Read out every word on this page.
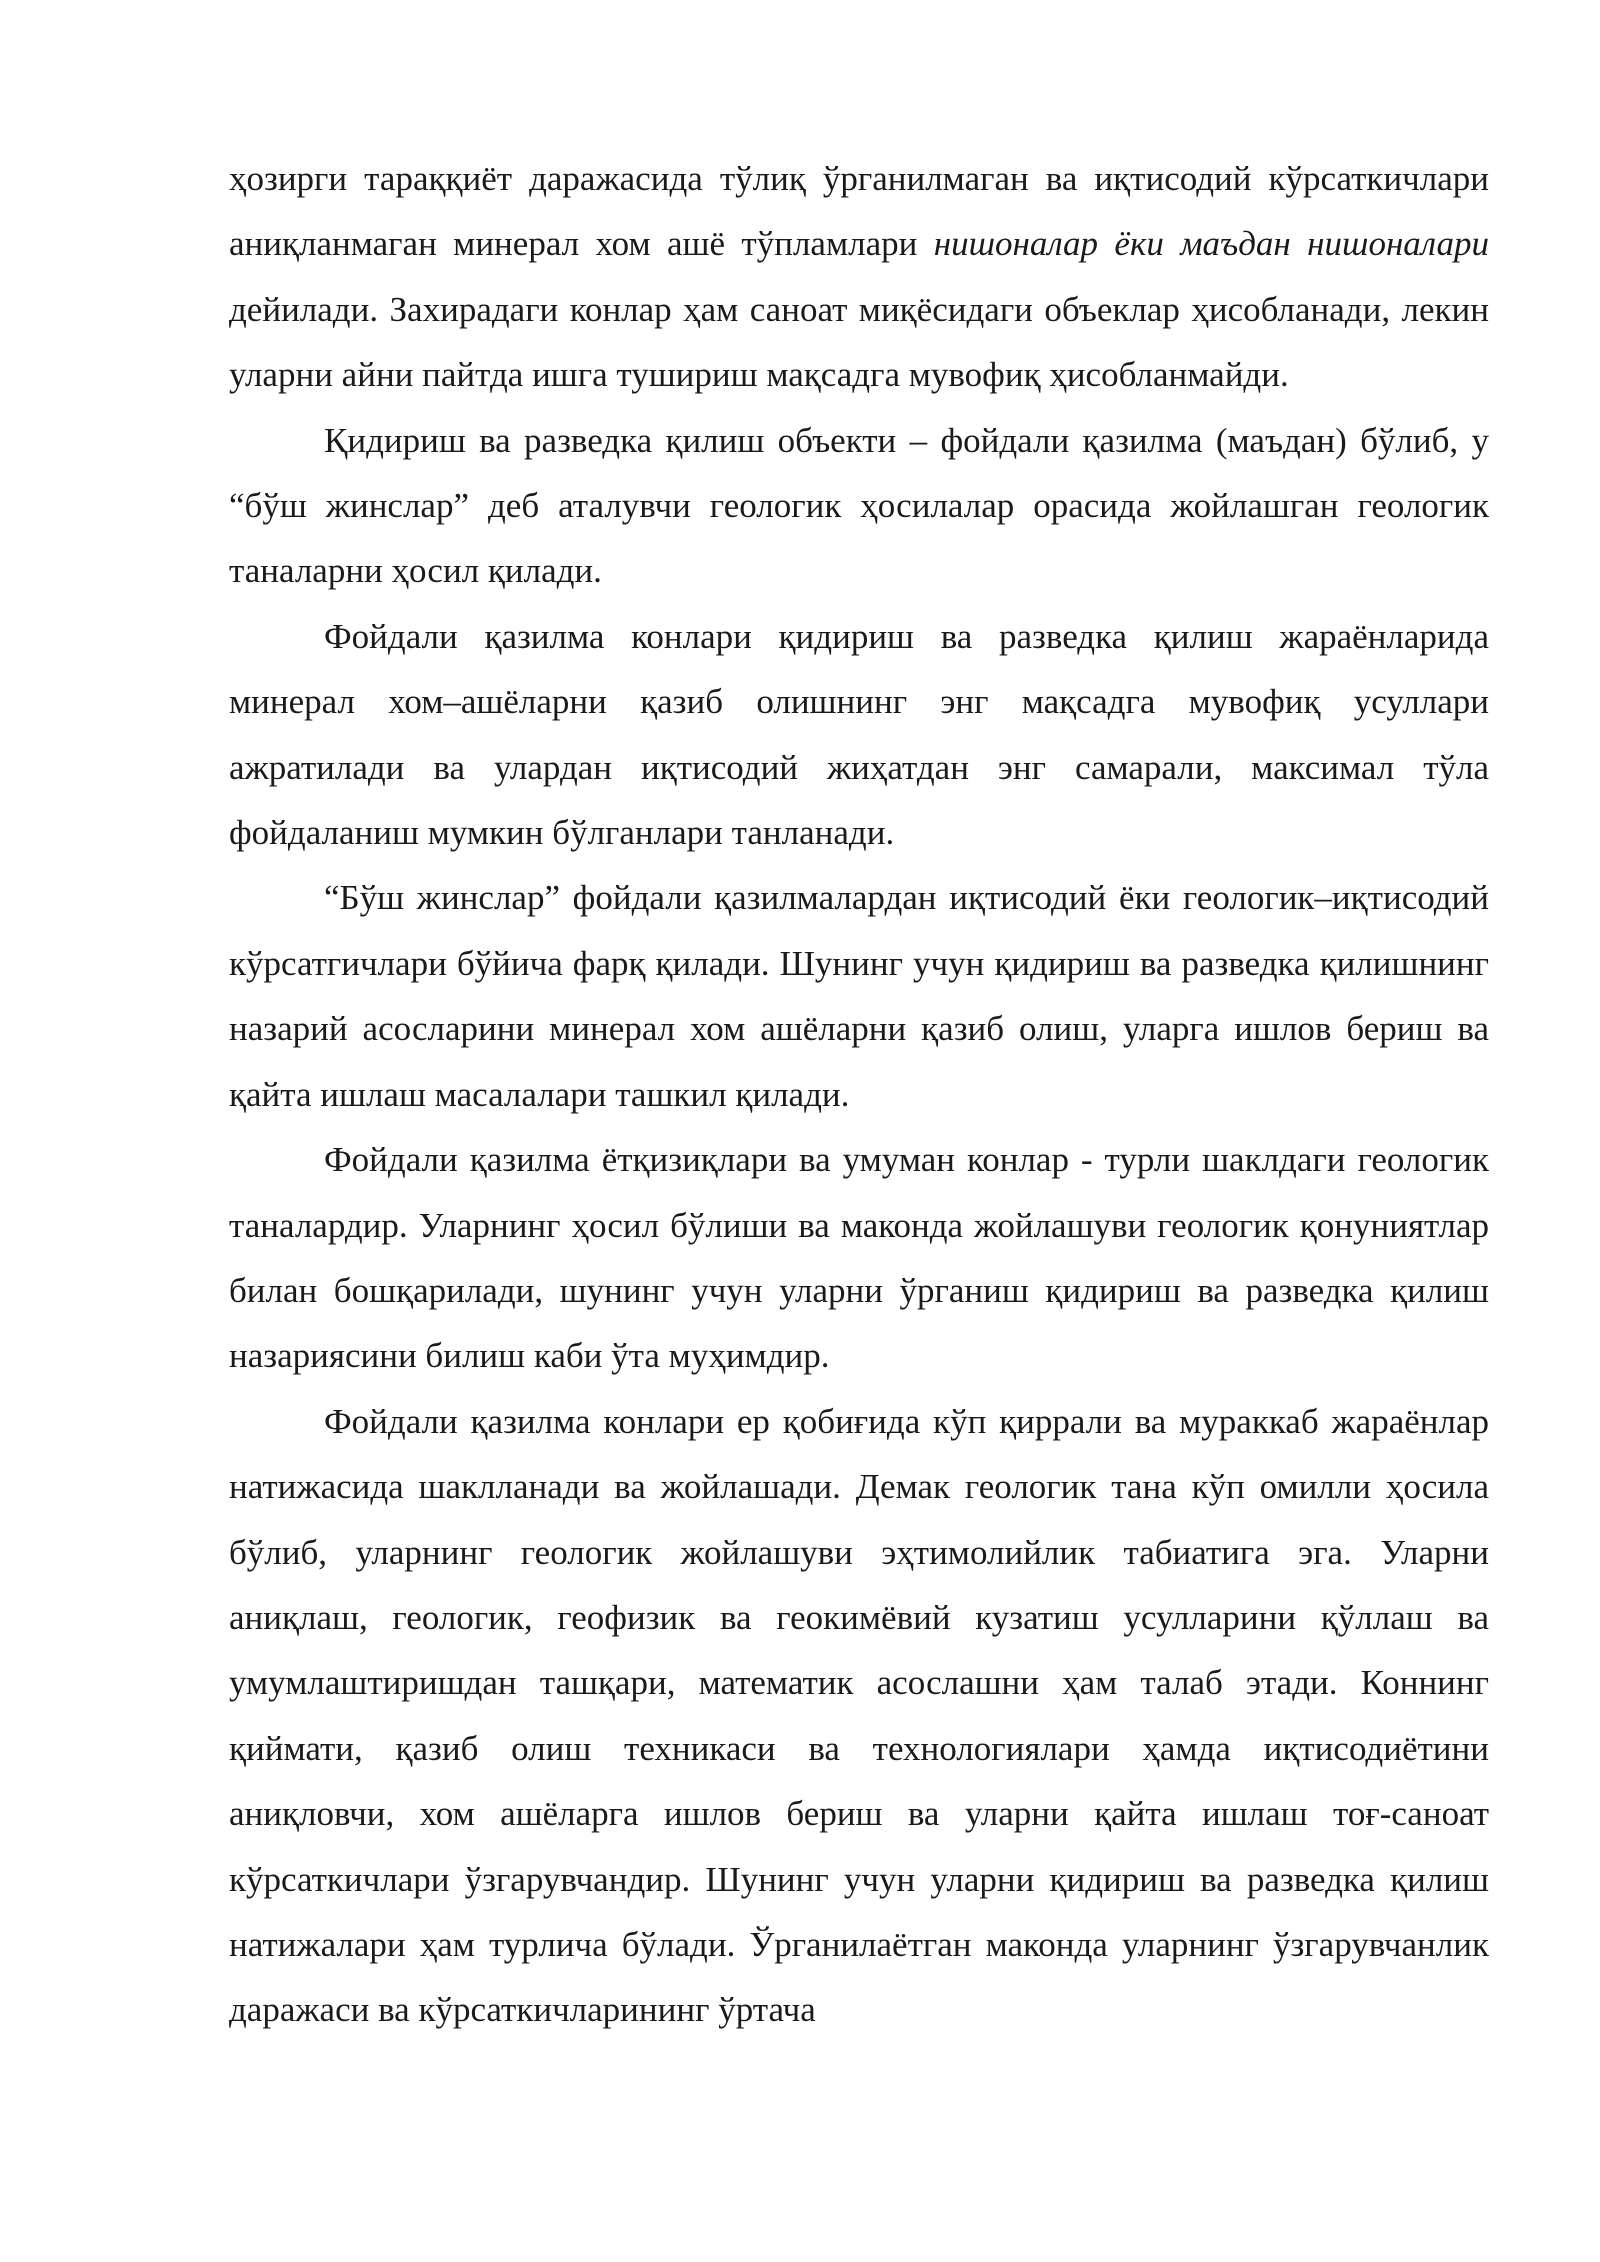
ҳозирги тараққиёт даражасида тўлиқ ўрганилмаган ва иқтисодий кўрсаткичлари аниқланмаган минерал хом ашё тўпламлари нишоналар ёки маъдан нишоналари дейилади. Захирадаги конлар ҳам саноат миқёсидаги объеклар ҳисобланади, лекин уларни айни пайтда ишга тушириш мақсадга мувофиқ ҳисобланмайди.

Қидириш ва разведка қилиш объекти – фойдали қазилма (маъдан) бўлиб, у “бўш жинслар” деб аталувчи геологик ҳосилалар орасида жойлашган геологик таналарни ҳосил қилади.

Фойдали қазилма конлари қидириш ва разведка қилиш жараёнларида минерал хом–ашёларни қазиб олишнинг энг мақсадга мувофиқ усуллари ажратилади ва улардан иқтисодий жиҳатдан энг самарали, максимал тўла фойдаланиш мумкин бўлганлари танланади.

“Бўш жинслар” фойдали қазилмалардан иқтисодий ёки геологик–иқтисодий кўрсатгичлари бўйича фарқ қилади. Шунинг учун қидириш ва разведка қилишнинг назарий асосларини минерал хом ашёларни қазиб олиш, уларга ишлов бериш ва қайта ишлаш масалалари ташкил қилади.

Фойдали қазилма ётқизиқлари ва умуман конлар - турли шаклдаги геологик таналардир. Уларнинг ҳосил бўлиши ва маконда жойлашуви геологик қонуниятлар билан бошқарилади, шунинг учун уларни ўрганиш қидириш ва разведка қилиш назариясини билиш каби ўта муҳимдир.

Фойдали қазилма конлари ер қобиғида кўп қиррали ва мураккаб жараёнлар натижасида шаклланади ва жойлашади. Демак геологик тана кўп омилли ҳосила бўлиб, уларнинг геологик жойлашуви эҳтимолийлик табиатига эга. Уларни аниқлаш, геологик, геофизик ва геокимёвий кузатиш усулларини қўллаш ва умумлаштиришдан ташқари, математик асослашни ҳам талаб этади. Коннинг қиймати, қазиб олиш техникаси ва технологиялари ҳамда иқтисодиётини аниқловчи, хом ашёларга ишлов бериш ва уларни қайта ишлаш тоғ-саноат кўрсаткичлари ўзгарувчандир. Шунинг учун уларни қидириш ва разведка қилиш натижалари ҳам турлича бўлади. Ўрганилаётган маконда уларнинг ўзгарувчанлик даражаси ва кўрсаткичларининг ўртача
